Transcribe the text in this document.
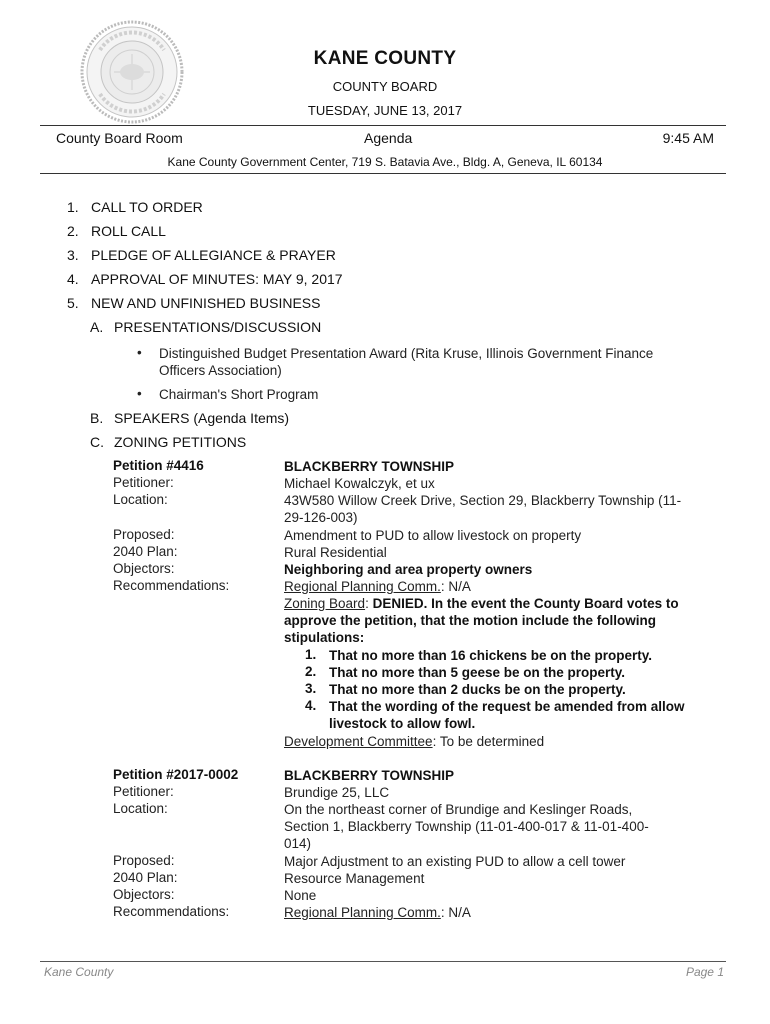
KANE COUNTY
COUNTY BOARD
TUESDAY, JUNE 13, 2017
County Board Room	Agenda	9:45 AM
Kane County Government Center, 719 S. Batavia Ave., Bldg. A, Geneva, IL 60134
1. CALL TO ORDER
2. ROLL CALL
3. PLEDGE OF ALLEGIANCE & PRAYER
4. APPROVAL OF MINUTES: MAY 9, 2017
5. NEW AND UNFINISHED BUSINESS
A. PRESENTATIONS/DISCUSSION
• Distinguished Budget Presentation Award (Rita Kruse, Illinois Government Finance Officers Association)
• Chairman's Short Program
B. SPEAKERS (Agenda Items)
C. ZONING PETITIONS
Petition #4416	BLACKBERRY TOWNSHIP
Petitioner:	Michael Kowalczyk, et ux
Location:	43W580 Willow Creek Drive, Section 29, Blackberry Township (11-29-126-003)
Proposed:	Amendment to PUD to allow livestock on property
2040 Plan:	Rural Residential
Objectors:	Neighboring and area property owners
Recommendations:	Regional Planning Comm.: N/A
Zoning Board: DENIED. In the event the County Board votes to approve the petition, that the motion include the following stipulations:
1. That no more than 16 chickens be on the property.
2. That no more than 5 geese be on the property.
3. That no more than 2 ducks be on the property.
4. That the wording of the request be amended from allow livestock to allow fowl.
Development Committee: To be determined
Petition #2017-0002	BLACKBERRY TOWNSHIP
Petitioner:	Brundige 25, LLC
Location:	On the northeast corner of Brundige and Keslinger Roads, Section 1, Blackberry Township (11-01-400-017 & 11-01-400-014)
Proposed:	Major Adjustment to an existing PUD to allow a cell tower
2040 Plan:	Resource Management
Objectors:	None
Recommendations:	Regional Planning Comm.: N/A
Kane County	Page 1
